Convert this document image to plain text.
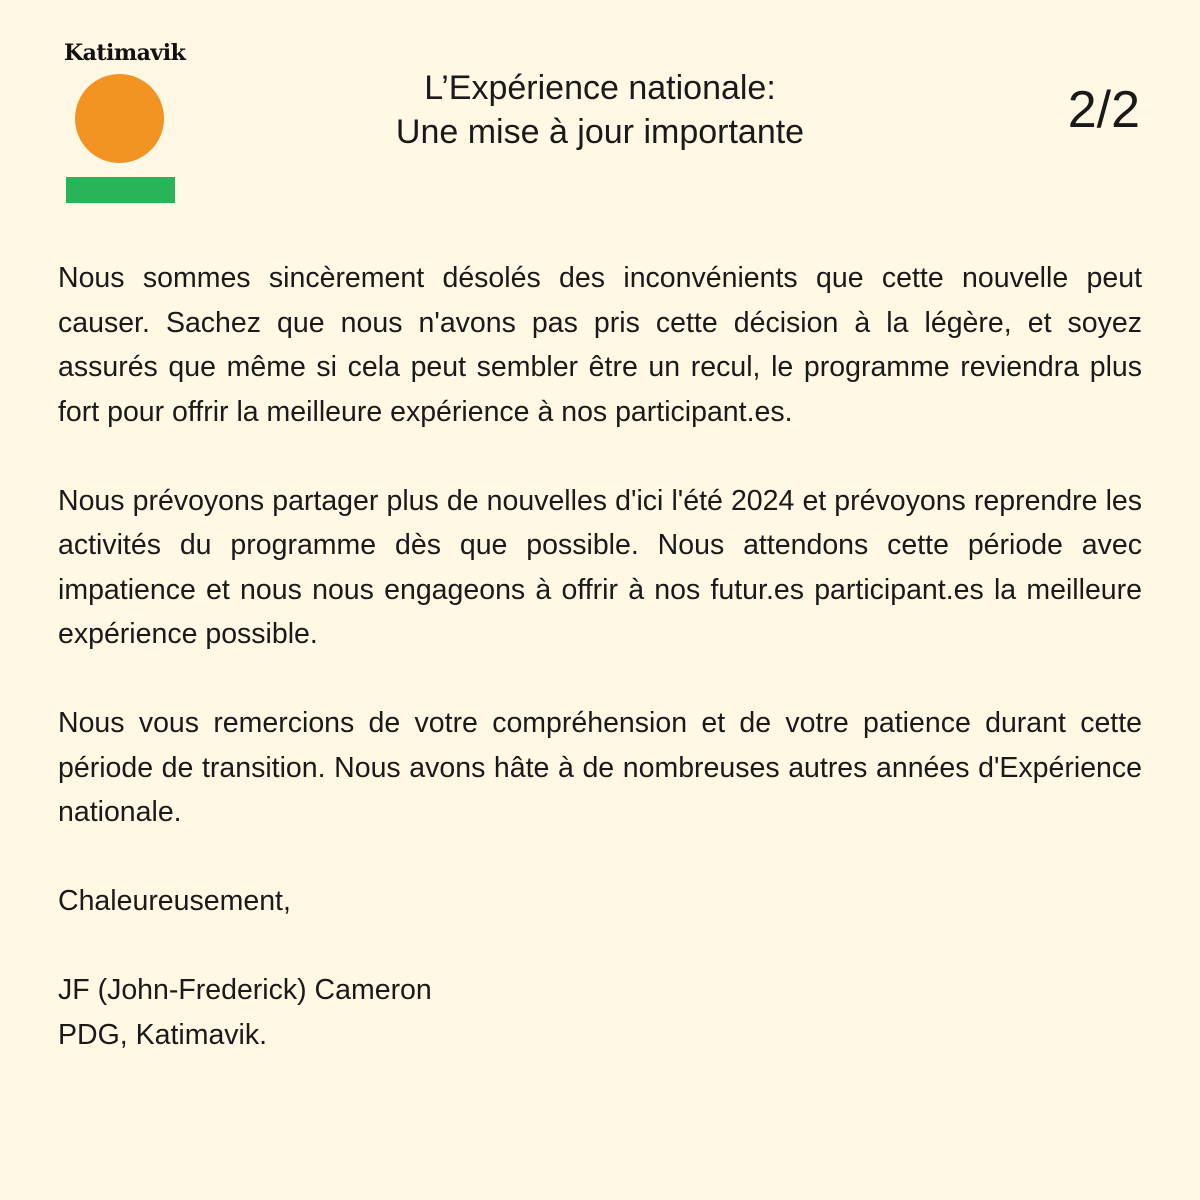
Katimavik
L’Expérience nationale:
Une mise à jour importante	2/2

Nous sommes sincèrement désolés des inconvénients que cette nouvelle peut causer. Sachez que nous n'avons pas pris cette décision à la légère, et soyez assurés que même si cela peut sembler être un recul, le programme reviendra plus fort pour offrir la meilleure expérience à nos participant.es.

Nous prévoyons partager plus de nouvelles d'ici l'été 2024 et prévoyons reprendre les activités du programme dès que possible. Nous attendons cette période avec impatience et nous nous engageons à offrir à nos futur.es participant.es la meilleure expérience possible.

Nous vous remercions de votre compréhension et de votre patience durant cette période de transition. Nous avons hâte à de nombreuses autres années d'Expérience nationale.

Chaleureusement,

JF (John-Frederick) Cameron

PDG, Katimavik.
